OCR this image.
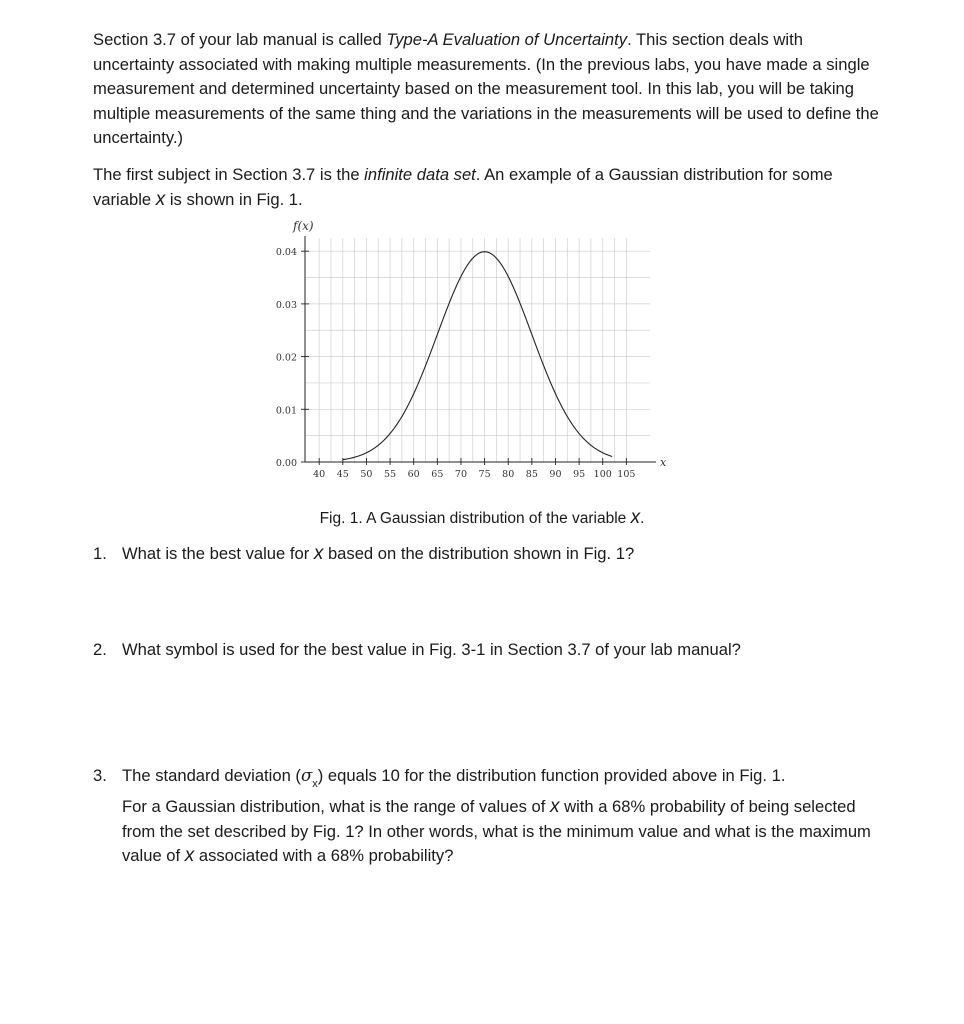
Section 3.7 of your lab manual is called Type-A Evaluation of Uncertainty. This section deals with uncertainty associated with making multiple measurements. (In the previous labs, you have made a single measurement and determined uncertainty based on the measurement tool. In this lab, you will be taking multiple measurements of the same thing and the variations in the measurements will be used to define the uncertainty.)
The first subject in Section 3.7 is the infinite data set. An example of a Gaussian distribution for some variable x is shown in Fig. 1.
0.00
0.01
0.02
0.03
0.04
40 45 50 55 60 65 70 75 80 85 90 95 100 105
f(x)
x
Fig. 1. A Gaussian distribution of the variable x.
1. What is the best value for x based on the distribution shown in Fig. 1?
2. What symbol is used for the best value in Fig. 3-1 in Section 3.7 of your lab manual?
3. The standard deviation $(\sigma_x)$ equals 10 for the distribution function provided above in Fig. 1.
For a Gaussian distribution, what is the range of values of x with a 68% probability of being selected from the set described by Fig. 1? In other words, what is the minimum value and what is the maximum value of x associated with a 68% probability?
